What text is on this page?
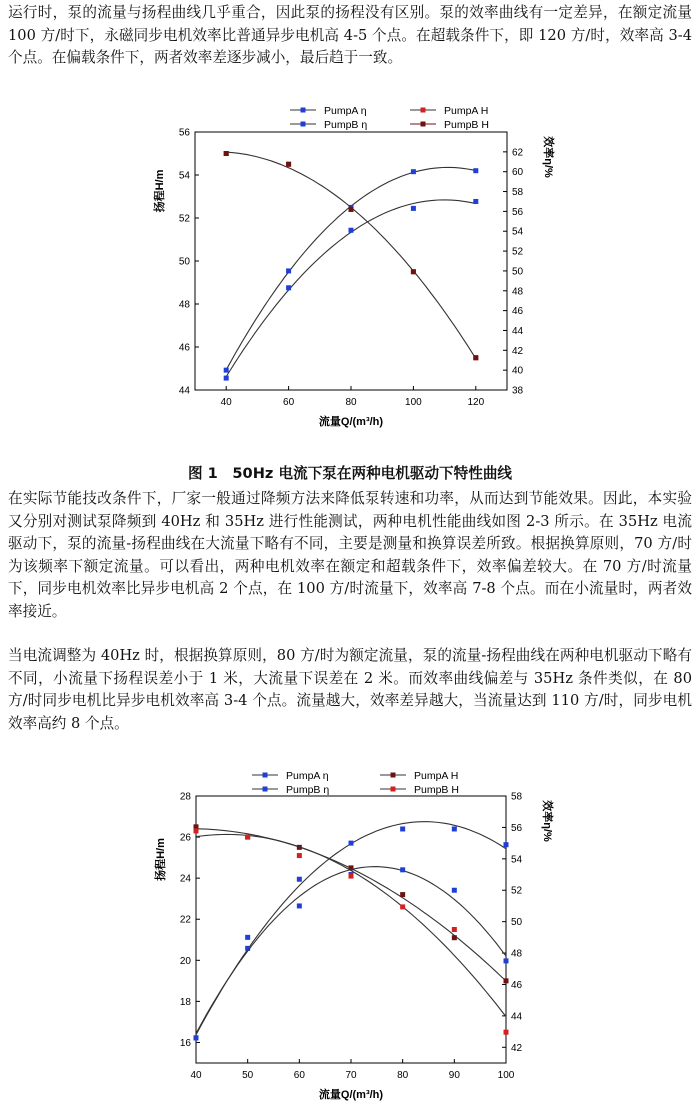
运行时，泵的流量与扬程曲线几乎重合，因此泵的扬程没有区别。泵的效率曲线有一定差异，在额定流量 100 方/时下，永磁同步电机效率比普通异步电机高 4-5 个点。在超载条件下，即 120 方/时，效率高 3-4 个点。在偏载条件下，两者效率差逐步减小，最后趋于一致。

40	60	80	100	120
44
46
48
50
52
54
56
38
40
42
44
46
48
50
52
54
56
58
60
62
流量Q/(m³/h)
扬程H/m
效率η/%
PumpA η
PumpB η
PumpA H
PumpB H
图 1　50Hz 电流下泵在两种电机驱动下特性曲线

在实际节能技改条件下，厂家一般通过降频方法来降低泵转速和功率，从而达到节能效果。因此，本实验又分别对测试泵降频到 40Hz 和 35Hz 进行性能测试，两种电机性能曲线如图 2-3 所示。在 35Hz 电流驱动下，泵的流量-扬程曲线在大流量下略有不同，主要是测量和换算误差所致。根据换算原则，70 方/时为该频率下额定流量。可以看出，两种电机效率在额定和超载条件下，效率偏差较大。在 70 方/时流量下，同步电机效率比异步电机高 2 个点，在 100 方/时流量下，效率高 7-8 个点。而在小流量时，两者效率接近。

当电流调整为 40Hz 时，根据换算原则，80 方/时为额定流量，泵的流量-扬程曲线在两种电机驱动下略有不同，小流量下扬程误差小于 1 米，大流量下误差在 2 米。而效率曲线偏差与 35Hz 条件类似，在 80 方/时同步电机比异步电机效率高 3-4 个点。流量越大，效率差异越大，当流量达到 110 方/时，同步电机效率高约 8 个点。

40	50	60	70	80	90	100
16
18
20
22
24
26
28
42
44
46
48
50
52
54
56
58
流量Q/(m³/h)
扬程H/m
效率η/%
PumpA η
PumpB η
PumpA H
PumpB H
